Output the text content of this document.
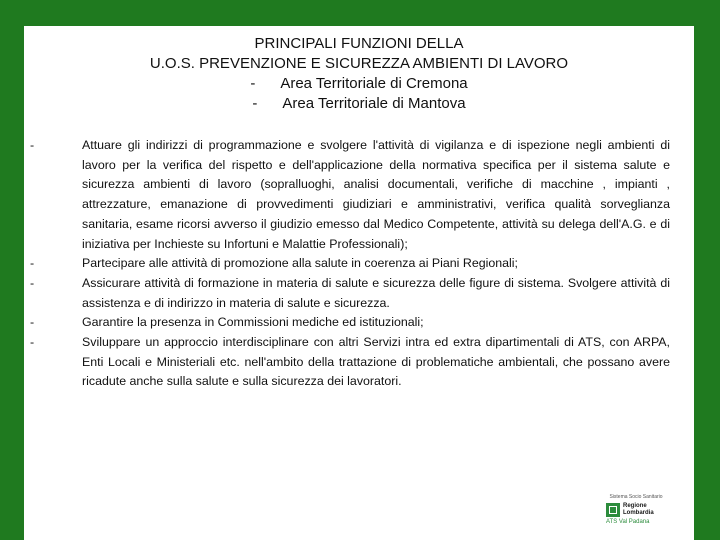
PRINCIPALI FUNZIONI DELLA
U.O.S. PREVENZIONE E SICUREZZA AMBIENTI DI LAVORO
- Area Territoriale di Cremona
- Area Territoriale di Mantova
-	Attuare gli indirizzi di programmazione e svolgere l'attività di vigilanza e di ispezione negli ambienti di lavoro per la verifica del rispetto e dell'applicazione della normativa specifica per il sistema salute e sicurezza ambienti di lavoro (sopralluoghi, analisi documentali, verifiche di macchine , impianti , attrezzature, emanazione di provvedimenti giudiziari e amministrativi, verifica qualità sorveglianza sanitaria, esame ricorsi avverso il giudizio emesso dal Medico Competente, attività su delega dell'A.G. e di iniziativa per Inchieste su Infortuni e Malattie Professionali);
-	Partecipare alle attività di promozione alla salute in coerenza ai Piani Regionali;
-	Assicurare attività di formazione in materia di salute e sicurezza delle figure di sistema. Svolgere attività di assistenza e di indirizzo in materia di salute e sicurezza.
-	Garantire la presenza in Commissioni mediche ed istituzionali;
-	Sviluppare un approccio interdisciplinare con altri Servizi intra ed extra dipartimentali di ATS, con ARPA, Enti Locali e Ministeriali etc. nell'ambito della trattazione di problematiche ambientali, che possano avere ricadute anche sulla salute e sulla sicurezza dei lavoratori.
Sistema Socio Sanitario
Regione
Lombardia
ATS Val Padana
